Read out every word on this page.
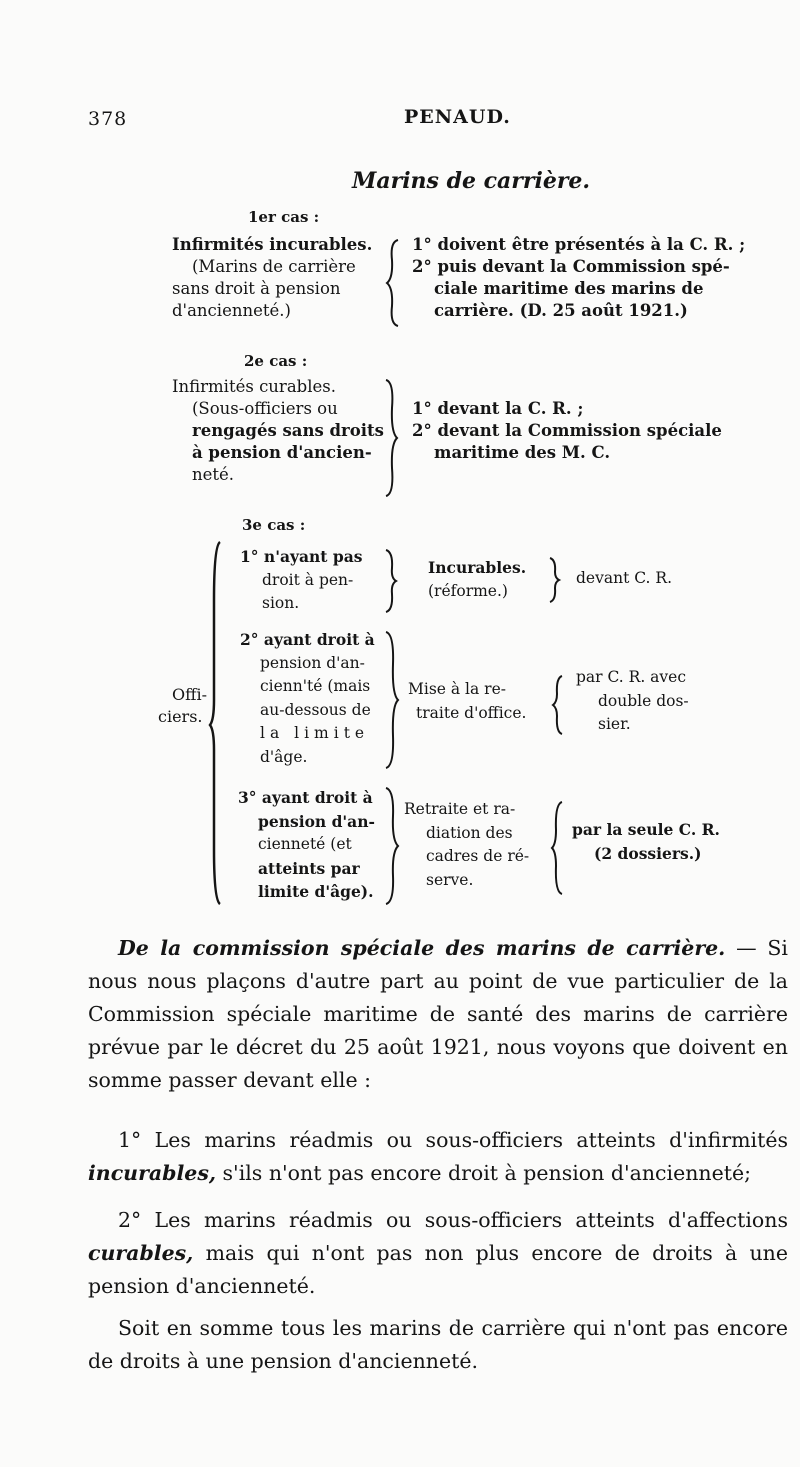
378	PENAUD.
Marins de carrière.
1er cas :
Infirmités incurables.
(Marins de carrière
sans droit à pension
d'ancienneté.)
1° doivent être présentés à la C. R. ;
2° puis devant la Commission spé-
ciale maritime des marins de
carrière. (D. 25 août 1921.)
2e cas :
Infirmités curables.
(Sous-officiers ou
rengagés sans droits
à pension d'ancien-
neté.
1° devant la C. R. ;
2° devant la Commission spéciale
maritime des M. C.
3e cas :
Offi-
ciers.
1° n'ayant pas
droit à pen-
sion.
Incurables.
(réforme.)
devant C. R.
2° ayant droit à
pension d'an-
cienn'té (mais
au-dessous de
la limite
d'âge.
Mise à la re-
traite d'office.
par C. R. avec
double dos-
sier.
3° ayant droit à
pension d'an-
cienneté (et
atteints par
limite d'âge).
Retraite et ra-
diation des
cadres de ré-
serve.
par la seule C. R.
(2 dossiers.)
De la commission spéciale des marins de carrière. — Si nous nous plaçons d'autre part au point de vue particulier de la Commission spéciale maritime de santé des marins de carrière prévue par le décret du 25 août 1921, nous voyons que doivent en somme passer devant elle :
1° Les marins réadmis ou sous-officiers atteints d'infirmités incurables, s'ils n'ont pas encore droit à pension d'ancienneté;
2° Les marins réadmis ou sous-officiers atteints d'affections curables, mais qui n'ont pas non plus encore de droits à une pension d'ancienneté.
Soit en somme tous les marins de carrière qui n'ont pas encore de droits à une pension d'ancienneté.
